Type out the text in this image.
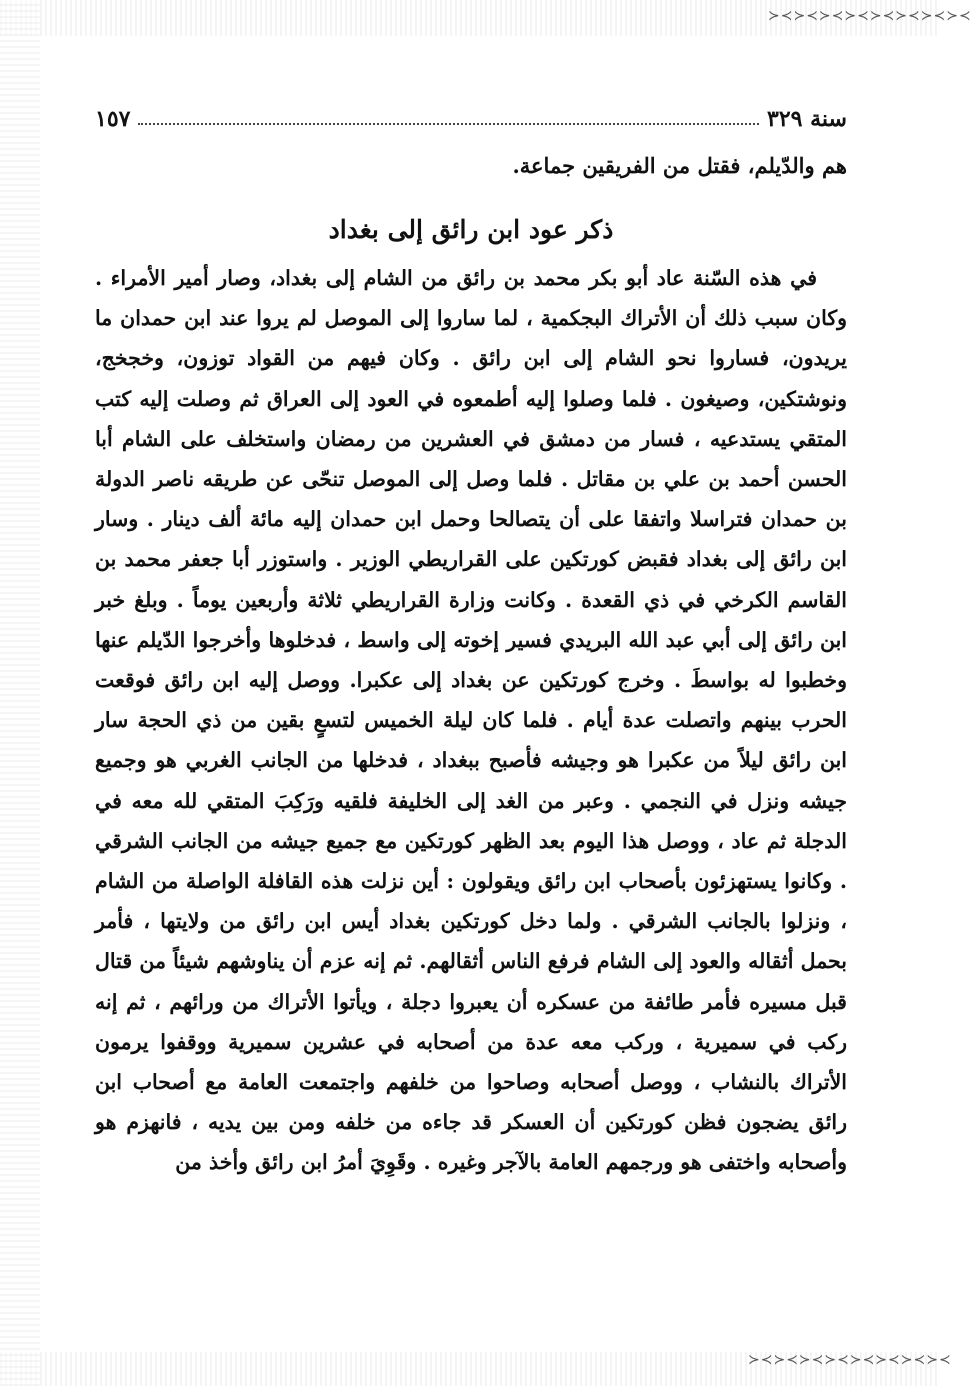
≻≺≻≺≻≺≻≺≻≺≻≺≻≺≻≺
≻≺≻≺≻≺≻≺≻≺≻≺≻≺≻≺
سنة ٣٢٩
١٥٧
هم والدّيلم، فقتل من الفريقين جماعة.
ذكر عود ابن رائق إلى بغداد

في هذه السّنة عاد أبو بكر محمد بن رائق من الشام إلى بغداد، وصار أمير الأمراء . وكان سبب ذلك أن الأتراك البجكمية ، لما ساروا إلى الموصل لم يروا عند ابن حمدان ما يريدون، فساروا نحو الشام إلى ابن رائق . وكان فيهم من القواد توزون، وخجخج، ونوشتكين، وصيغون . فلما وصلوا إليه أطمعوه في العود إلى العراق ثم وصلت إليه كتب المتقي يستدعيه ، فسار من دمشق في العشرين من رمضان واستخلف على الشام أبا الحسن أحمد بن علي بن مقاتل . فلما وصل إلى الموصل تنحّى عن طريقه ناصر الدولة بن حمدان فتراسلا واتفقا على أن يتصالحا وحمل ابن حمدان إليه مائة ألف دينار . وسار ابن رائق إلى بغداد فقبض كورتكين على القراريطي الوزير . واستوزر أبا جعفر محمد بن القاسم الكرخي في ذي القعدة . وكانت وزارة القراريطي ثلاثة وأربعين يوماً . وبلغ خبر ابن رائق إلى أبي عبد الله البريدي فسير إخوته إلى واسط ، فدخلوها وأخرجوا الدّيلم عنها وخطبوا له بواسطَ . وخرج كورتكين عن بغداد إلى عكبرا. ووصل إليه ابن رائق فوقعت الحرب بينهم واتصلت عدة أيام . فلما كان ليلة الخميس لتسعٍ بقين من ذي الحجة سار ابن رائق ليلاً من عكبرا هو وجيشه فأصبح ببغداد ، فدخلها من الجانب الغربي هو وجميع جيشه ونزل في النجمي . وعبر من الغد إلى الخليفة فلقيه ورَكِبَ المتقي لله معه في الدجلة ثم عاد ، ووصل هذا اليوم بعد الظهر كورتكين مع جميع جيشه من الجانب الشرقي . وكانوا يستهزئون بأصحاب ابن رائق ويقولون : أين نزلت هذه القافلة الواصلة من الشام ، ونزلوا بالجانب الشرقي . ولما دخل كورتكين بغداد أيس ابن رائق من ولايتها ، فأمر بحمل أثقاله والعود إلى الشام فرفع الناس أثقالهم. ثم إنه عزم أن يناوشهم شيئاً من قتال قبل مسيره فأمر طائفة من عسكره أن يعبروا دجلة ، ويأتوا الأتراك من ورائهم ، ثم إنه ركب في سميرية ، وركب معه عدة من أصحابه في عشرين سميرية ووقفوا يرمون الأتراك بالنشاب ، ووصل أصحابه وصاحوا من خلفهم واجتمعت العامة مع أصحاب ابن رائق يضجون فظن كورتكين أن العسكر قد جاءه من خلفه ومن بين يديه ، فانهزم هو وأصحابه واختفى هو ورجمهم العامة بالآجر وغيره . وقَوِيَ أمرُ ابن رائق وأخذ من
